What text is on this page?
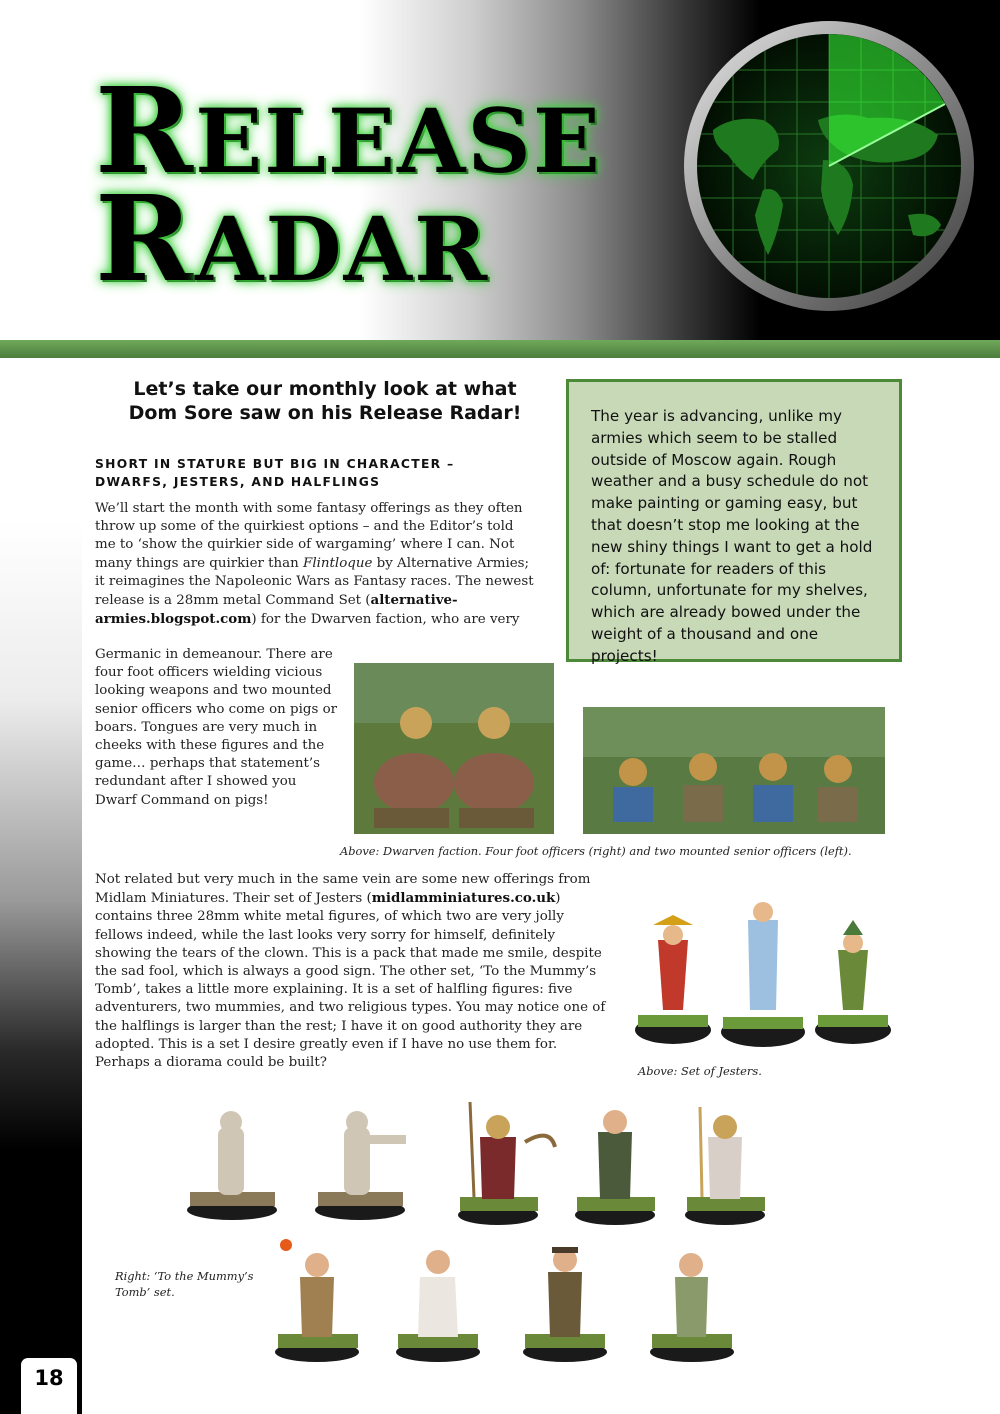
RELEASE
RADAR
Let’s take our monthly look at what Dom Sore saw on his Release Radar!	The year is advancing, unlike my armies which seem to be stalled outside of Moscow again. Rough weather and a busy schedule do not make painting or gaming easy, but that doesn’t stop me looking at the new shiny things I want to get a hold of: fortunate for readers of this column, unfortunate for my shelves, which are already bowed under the weight of a thousand and one projects!
SHORT IN STATURE BUT BIG IN CHARACTER – DWARFS, JESTERS, AND HALFLINGS
We’ll start the month with some fantasy offerings as they often throw up some of the quirkiest options – and the Editor’s told me to ‘show the quirkier side of wargaming’ where I can. Not many things are quirkier than Flintloque by Alternative Armies; it reimagines the Napoleonic Wars as Fantasy races. The newest release is a 28mm metal Command Set (alternative-armies.blogspot.com) for the Dwarven faction, who are very
Germanic in demeanour. There are four foot officers wielding vicious looking weapons and two mounted senior officers who come on pigs or boars. Tongues are very much in cheeks with these figures and the game… perhaps that statement’s redundant after I showed you Dwarf Command on pigs!
Above: Dwarven faction. Four foot officers (right) and two mounted senior officers (left).
Not related but very much in the same vein are some new offerings from Midlam Miniatures. Their set of Jesters (midlamminiatures.co.uk) contains three 28mm white metal figures, of which two are very jolly fellows indeed, while the last looks very sorry for himself, definitely showing the tears of the clown. This is a pack that made me smile, despite the sad fool, which is always a good sign. The other set, ‘To the Mummy’s Tomb’, takes a little more explaining. It is a set of halfling figures: five adventurers, two mummies, and two religious types. You may notice one of the halflings is larger than the rest; I have it on good authority they are adopted. This is a set I desire greatly even if I have no use them for. Perhaps a diorama could be built?
Above: Set of Jesters.
Right: ‘To the Mummy’s Tomb’ set.
18
